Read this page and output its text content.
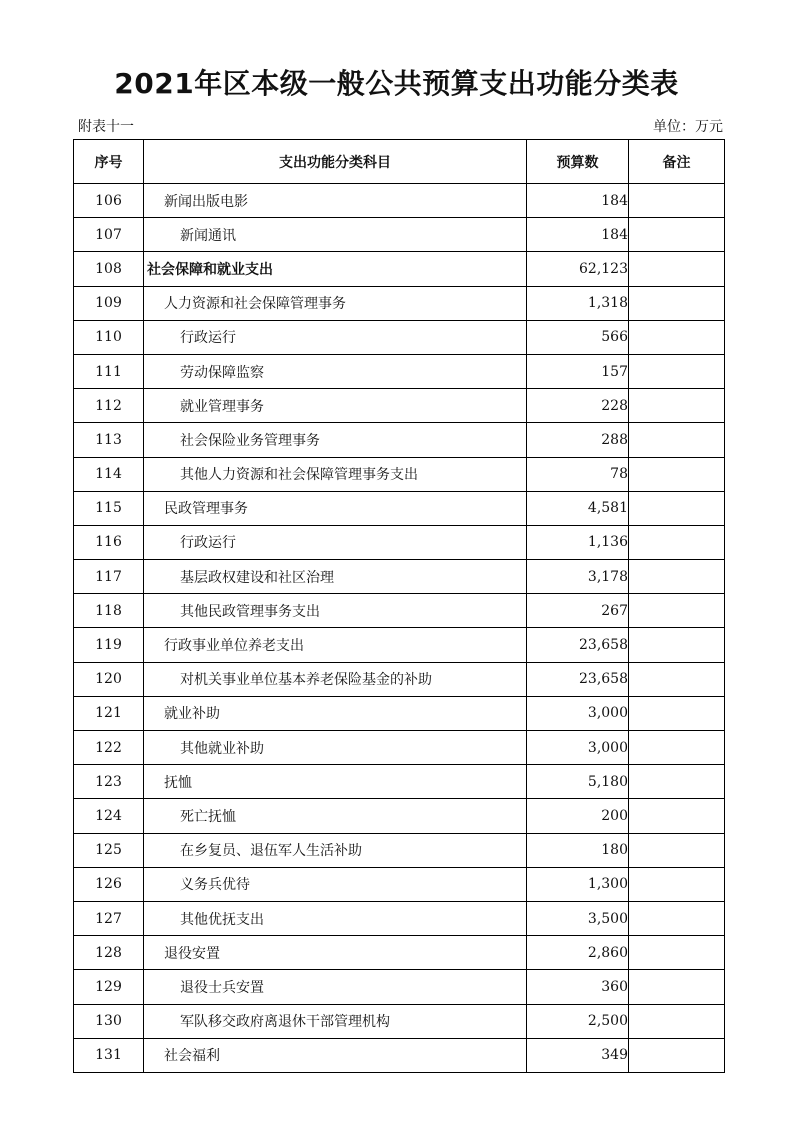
2021年区本级一般公共预算支出功能分类表
附表十一	单位：万元
序号	支出功能分类科目	预算数	备注
106	新闻出版电影	184	
107	新闻通讯	184	
108	社会保障和就业支出	62,123	
109	人力资源和社会保障管理事务	1,318	
110	行政运行	566	
111	劳动保障监察	157	
112	就业管理事务	228	
113	社会保险业务管理事务	288	
114	其他人力资源和社会保障管理事务支出	78	
115	民政管理事务	4,581	
116	行政运行	1,136	
117	基层政权建设和社区治理	3,178	
118	其他民政管理事务支出	267	
119	行政事业单位养老支出	23,658	
120	对机关事业单位基本养老保险基金的补助	23,658	
121	就业补助	3,000	
122	其他就业补助	3,000	
123	抚恤	5,180	
124	死亡抚恤	200	
125	在乡复员、退伍军人生活补助	180	
126	义务兵优待	1,300	
127	其他优抚支出	3,500	
128	退役安置	2,860	
129	退役士兵安置	360	
130	军队移交政府离退休干部管理机构	2,500	
131	社会福利	349	
